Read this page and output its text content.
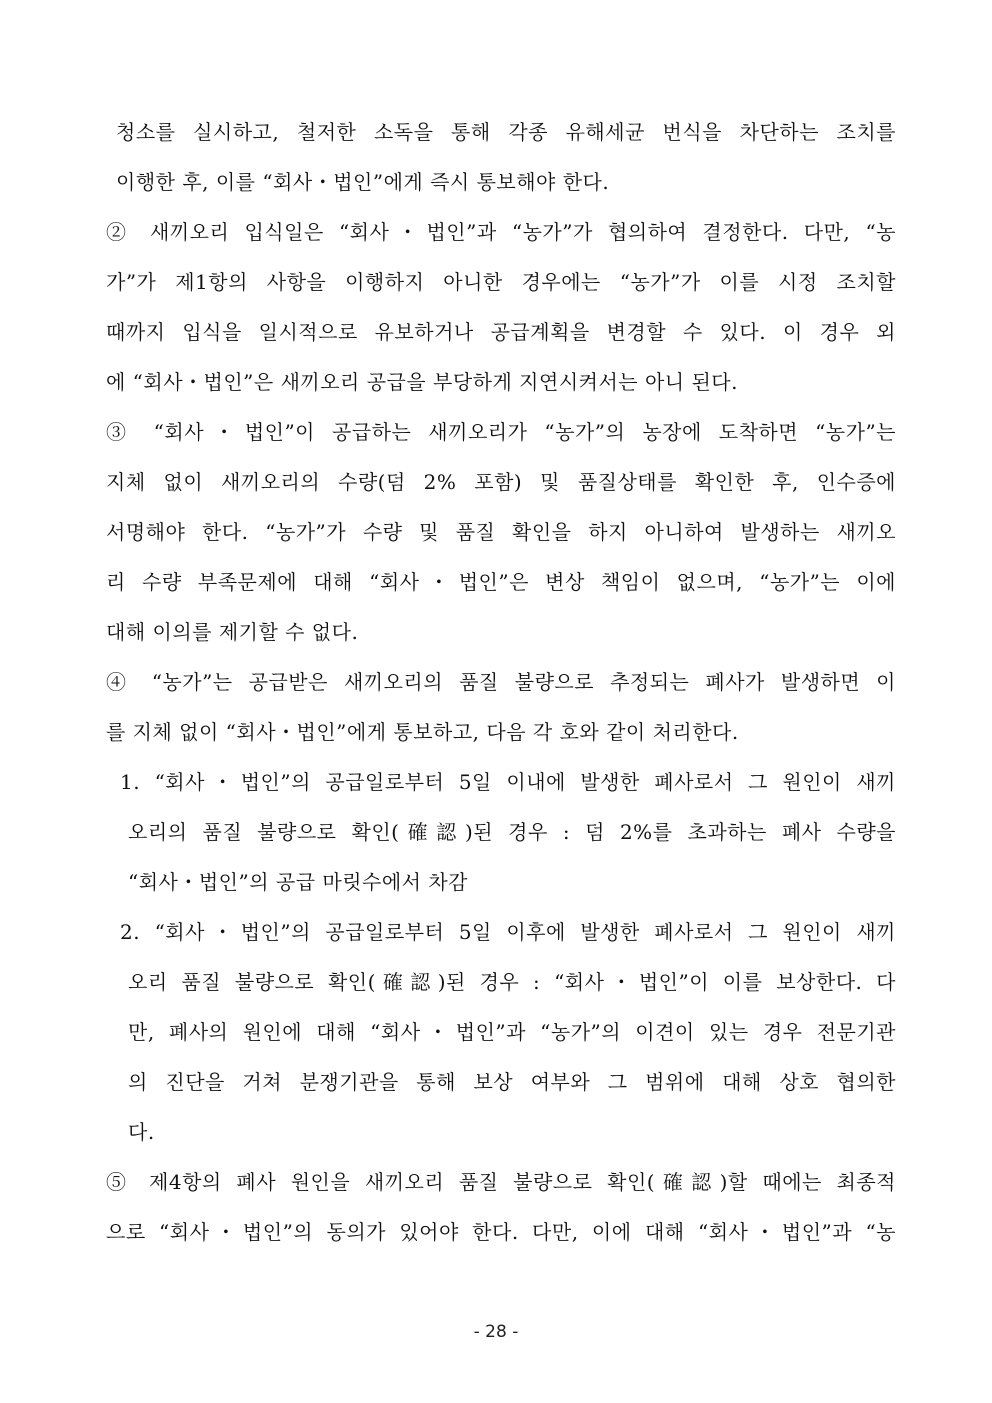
청소를 실시하고, 철저한 소독을 통해 각종 유해세균 번식을 차단하는 조치를
이행한 후, 이를 “회사・법인”에게 즉시 통보해야 한다.
② 새끼오리 입식일은 “회사・법인”과 “농가”가 협의하여 결정한다. 다만, “농
가”가 제1항의 사항을 이행하지 아니한 경우에는 “농가”가 이를 시정 조치할
때까지 입식을 일시적으로 유보하거나 공급계획을 변경할 수 있다. 이 경우 외
에 “회사・법인”은 새끼오리 공급을 부당하게 지연시켜서는 아니 된다.
③ “회사・법인”이 공급하는 새끼오리가 “농가”의 농장에 도착하면 “농가”는
지체 없이 새끼오리의 수량(덤 2% 포함) 및 품질상태를 확인한 후, 인수증에
서명해야 한다. “농가”가 수량 및 품질 확인을 하지 아니하여 발생하는 새끼오
리 수량 부족문제에 대해 “회사・법인”은 변상 책임이 없으며, “농가”는 이에
대해 이의를 제기할 수 없다.
④ “농가”는 공급받은 새끼오리의 품질 불량으로 추정되는 폐사가 발생하면 이
를 지체 없이 “회사・법인”에게 통보하고, 다음 각 호와 같이 처리한다.
1. “회사・법인”의 공급일로부터 5일 이내에 발생한 폐사로서 그 원인이 새끼
오리의 품질 불량으로 확인(確認)된 경우 : 덤 2%를 초과하는 폐사 수량을
“회사・법인”의 공급 마릿수에서 차감
2. “회사・법인”의 공급일로부터 5일 이후에 발생한 폐사로서 그 원인이 새끼
오리 품질 불량으로 확인(確認)된 경우 : “회사・법인”이 이를 보상한다. 다
만, 폐사의 원인에 대해 “회사・법인”과 “농가”의 이견이 있는 경우 전문기관
의 진단을 거쳐 분쟁기관을 통해 보상 여부와 그 범위에 대해 상호 협의한
다.
⑤ 제4항의 폐사 원인을 새끼오리 품질 불량으로 확인(確認)할 때에는 최종적
으로 “회사・법인”의 동의가 있어야 한다. 다만, 이에 대해 “회사・법인”과 “농
- 28 -
